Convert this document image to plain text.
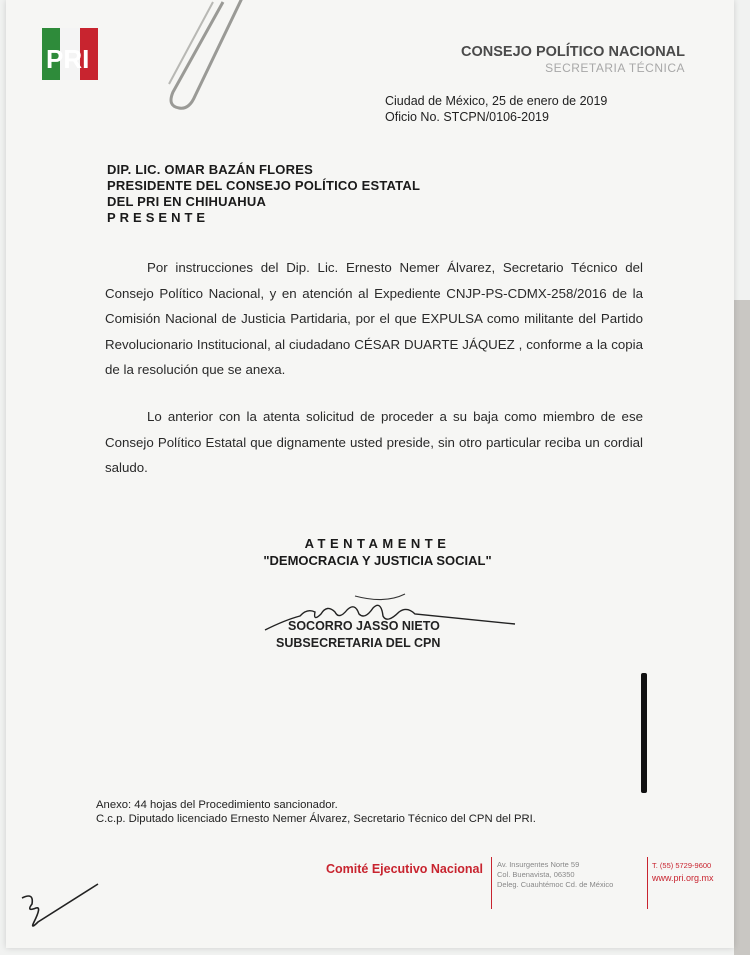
PRI	CONSEJO POLÍTICO NACIONAL
SECRETARIA TÉCNICA
Ciudad de México, 25 de enero de 2019
Oficio No. STCPN/0106-2019
DIP. LIC. OMAR BAZÁN FLORES
PRESIDENTE DEL CONSEJO POLÍTICO ESTATAL
DEL PRI EN CHIHUAHUA
PRESENTE
Por instrucciones del Dip. Lic. Ernesto Nemer Álvarez, Secretario Técnico del Consejo Político Nacional, y en atención al Expediente CNJP-PS-CDMX-258/2016 de la Comisión Nacional de Justicia Partidaria, por el que EXPULSA como militante del Partido Revolucionario Institucional, al ciudadano CÉSAR DUARTE JÁQUEZ , conforme a la copia de la resolución que se anexa.
Lo anterior con la atenta solicitud de proceder a su baja como miembro de ese Consejo Político Estatal que dignamente usted preside, sin otro particular reciba un cordial saludo.
ATENTAMENTE
"DEMOCRACIA Y JUSTICIA SOCIAL"
SOCORRO JASSO NIETO
SUBSECRETARIA DEL CPN
Anexo: 44 hojas del Procedimiento sancionador.
C.c.p. Diputado licenciado Ernesto Nemer Álvarez, Secretario Técnico del CPN del PRI.
Comité Ejecutivo Nacional Av. Insurgentes Norte 59
Col. Buenavista, 06350
Deleg. Cuauhtémoc Cd. de México
T. (55) 5729-9600
www.pri.org.mx
